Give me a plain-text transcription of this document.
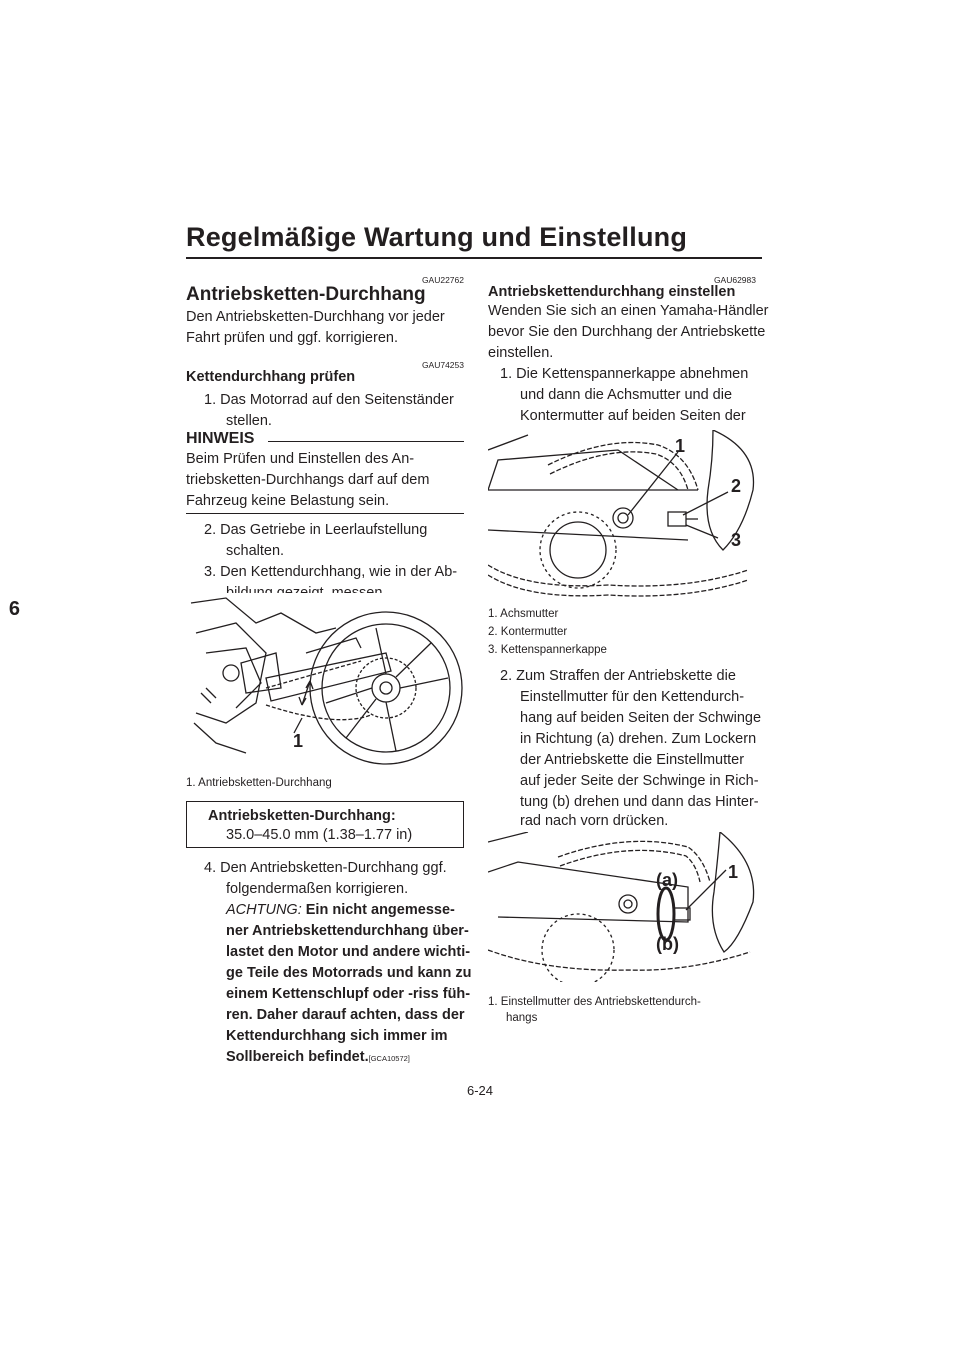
Regelmäßige Wartung und Einstellung
6
GAU22762
Antriebsketten-Durchhang
Den Antriebsketten-Durchhang vor jeder
Fahrt prüfen und ggf. korrigieren.
GAU74253
Kettendurchhang prüfen
1. Das Motorrad auf den Seitenständer
stellen.
HINWEIS
Beim Prüfen und Einstellen des An-
triebsketten-Durchhangs darf auf dem
Fahrzeug keine Belastung sein.
2. Das Getriebe in Leerlaufstellung
schalten.
3. Den Kettendurchhang, wie in der Ab-
1
1. Antriebsketten-Durchhang
Antriebsketten-Durchhang:
35.0–45.0 mm (1.38–1.77 in)
4. Den Antriebsketten-Durchhang ggf.
folgendermaßen korrigieren.
ACHTUNG: Ein nicht angemesse-
ner Antriebskettendurchhang über-
lastet den Motor und andere wichti-
ge Teile des Motorrads und kann zu
einem Kettenschlupf oder -riss füh-
ren. Daher darauf achten, dass der
Kettendurchhang sich immer im
Sollbereich befindet.[GCA10572]
GAU62983
Antriebskettendurchhang einstellen
Wenden Sie sich an einen Yamaha-Händler
bevor Sie den Durchhang der Antriebskette
einstellen.
1. Die Kettenspannerkappe abnehmen
und dann die Achsmutter und die
Kontermutter auf beiden Seiten der
1
2
3
1. Achsmutter
2. Kontermutter
3. Kettenspannerkappe
2. Zum Straffen der Antriebskette die
Einstellmutter für den Kettendurch-
hang auf beiden Seiten der Schwinge
in Richtung (a) drehen. Zum Lockern
der Antriebskette die Einstellmutter
auf jeder Seite der Schwinge in Rich-
tung (b) drehen und dann das Hinter-
rad nach vorn drücken.
(a)
(b)
1
1. Einstellmutter des Antriebskettendurch-
hangs
6-24
